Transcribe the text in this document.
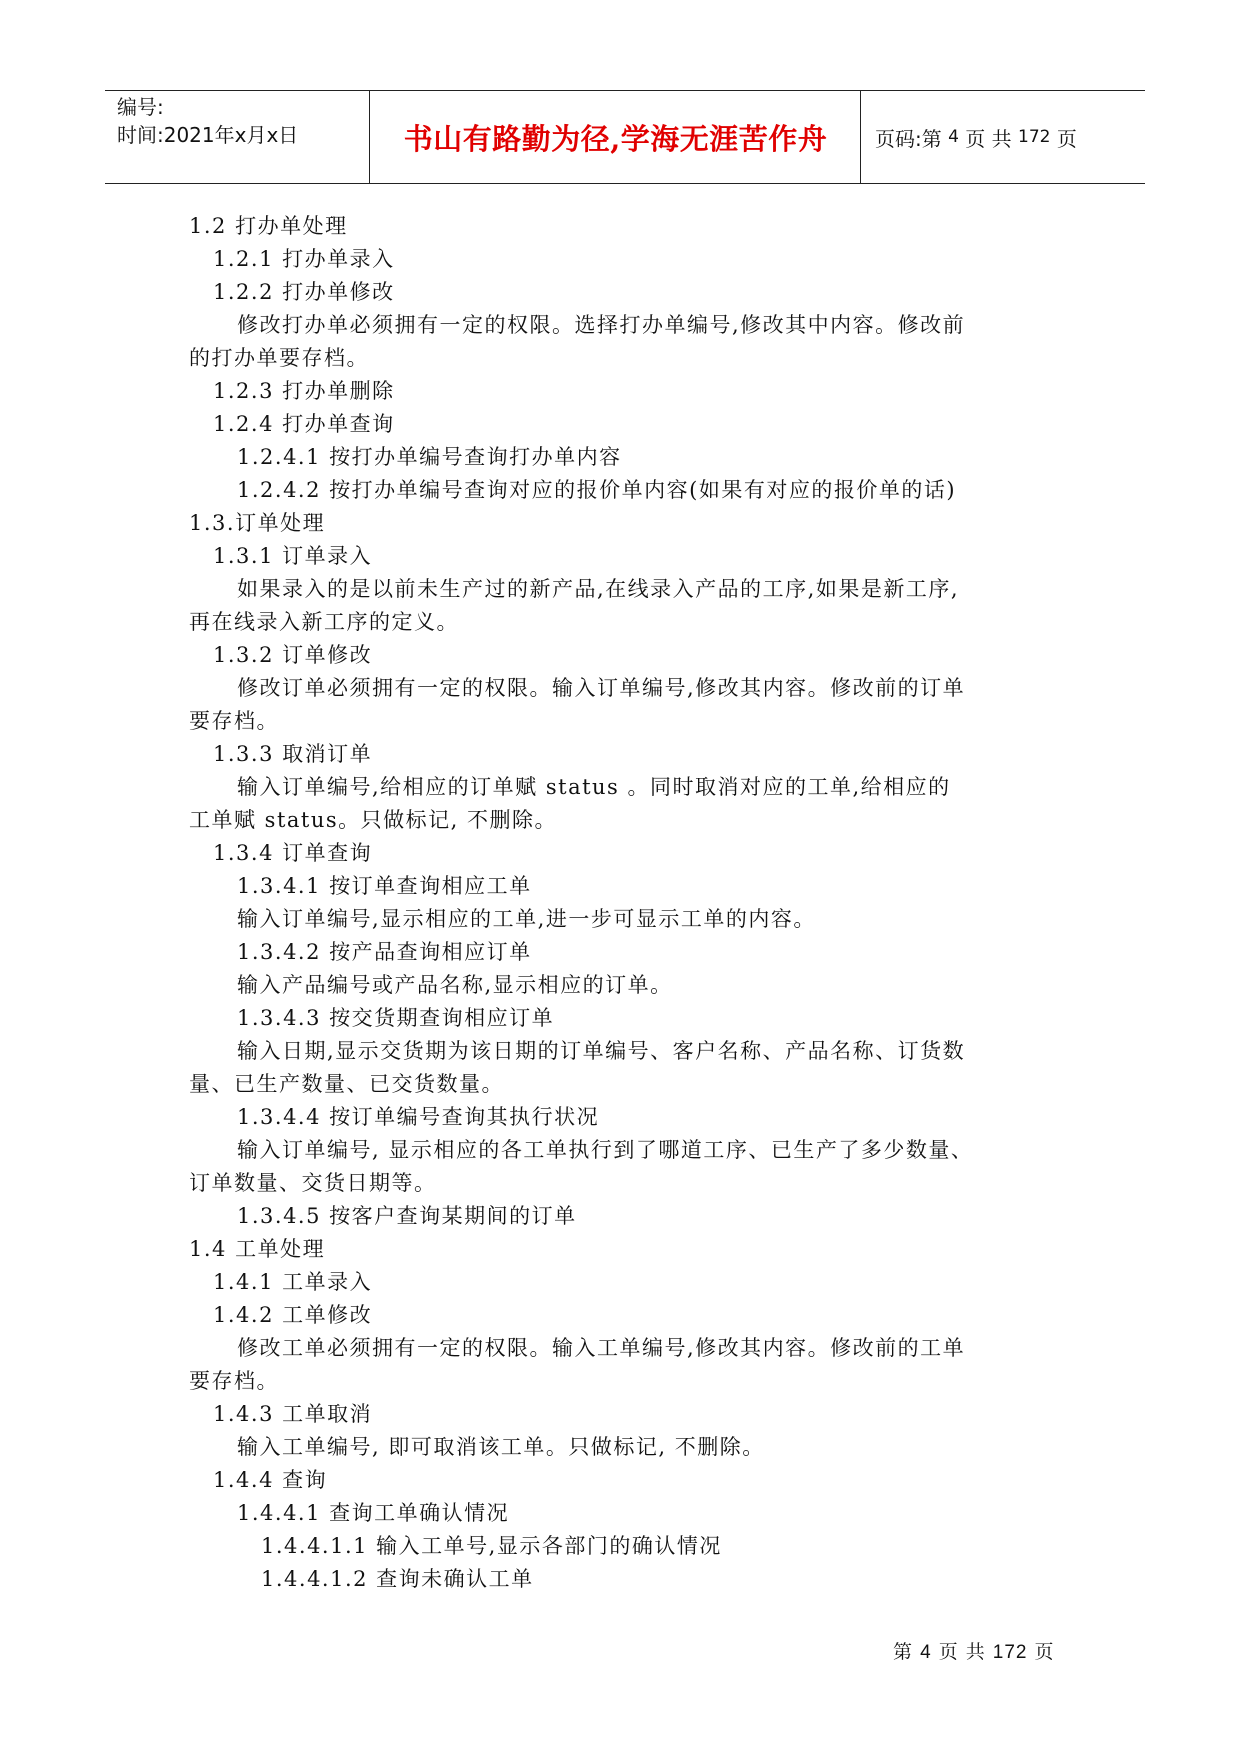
编号:
时间:2021年x月x日	书山有路勤为径,学海无涯苦作舟	页码:第
4
页 共
172
页
1.2 打办单处理
1.2.1 打办单录入
1.2.2 打办单修改
修改打办单必须拥有一定的权限。选择打办单编号,修改其中内容。修改前
的打办单要存档。
1.2.3 打办单删除
1.2.4 打办单查询
1.2.4.1 按打办单编号查询打办单内容
1.2.4.2 按打办单编号查询对应的报价单内容(如果有对应的报价单的话)
1.3.订单处理
1.3.1 订单录入
如果录入的是以前未生产过的新产品,在线录入产品的工序,如果是新工序,
再在线录入新工序的定义。
1.3.2 订单修改
修改订单必须拥有一定的权限。输入订单编号,修改其内容。修改前的订单
要存档。
1.3.3 取消订单
输入订单编号,给相应的订单赋 status 。同时取消对应的工单,给相应的
工单赋 status。只做标记, 不删除。
1.3.4 订单查询
1.3.4.1 按订单查询相应工单
输入订单编号,显示相应的工单,进一步可显示工单的内容。
1.3.4.2 按产品查询相应订单
输入产品编号或产品名称,显示相应的订单。
1.3.4.3 按交货期查询相应订单
输入日期,显示交货期为该日期的订单编号、客户名称、产品名称、订货数
量、已生产数量、已交货数量。
1.3.4.4 按订单编号查询其执行状况
输入订单编号, 显示相应的各工单执行到了哪道工序、已生产了多少数量、
订单数量、交货日期等。
1.3.4.5 按客户查询某期间的订单
1.4 工单处理
1.4.1 工单录入
1.4.2 工单修改
修改工单必须拥有一定的权限。输入工单编号,修改其内容。修改前的工单
要存档。
1.4.3 工单取消
输入工单编号, 即可取消该工单。只做标记, 不删除。
1.4.4 查询
1.4.4.1 查询工单确认情况
1.4.4.1.1 输入工单号,显示各部门的确认情况
1.4.4.1.2 查询未确认工单
第 4 页 共 172 页
